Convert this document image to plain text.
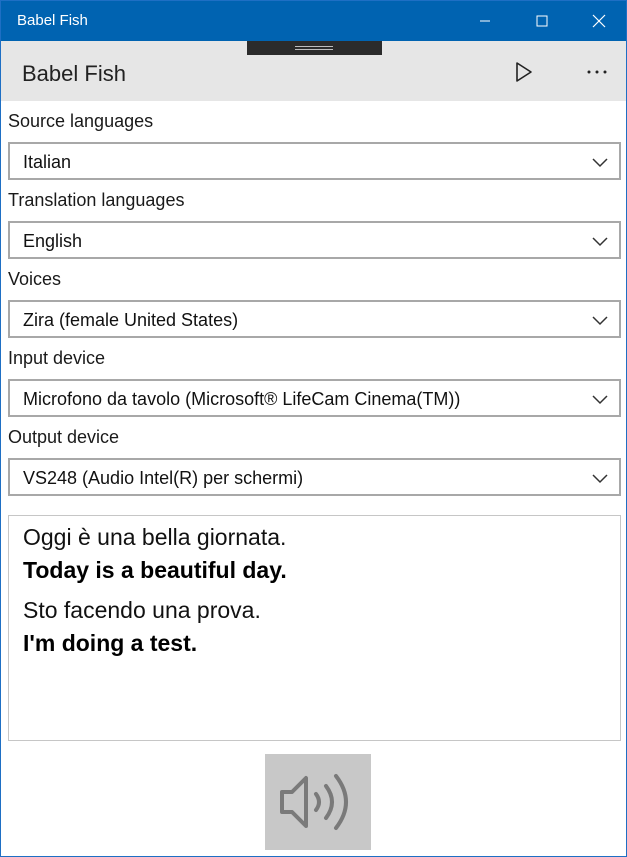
Babel Fish
Babel Fish
Source languages
Italian
Translation languages
English
Voices
Zira (female United States)
Input device
Microfono da tavolo (Microsoft® LifeCam Cinema(TM))
Output device
VS248 (Audio Intel(R) per schermi)
Oggi è una bella giornata.
Today is a beautiful day.
Sto facendo una prova.
I'm doing a test.
